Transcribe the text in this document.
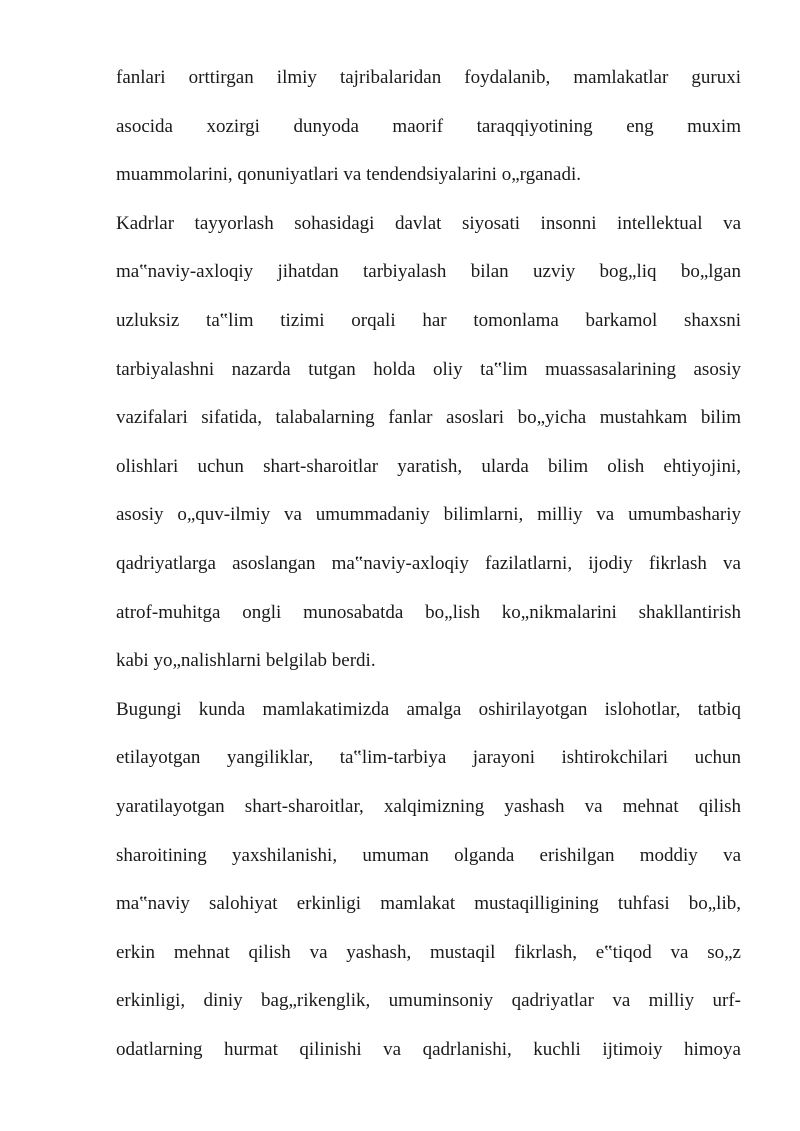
fanlari orttirgan ilmiy tajribalaridan foydalanib, mamlakatlar guruxi
asocida xozirgi dunyoda maorif taraqqiyotining eng muxim
muammolarini, qonuniyatlari va tendendsiyalarini o„rganadi.
Kadrlar tayyorlash sohasidagi davlat siyosati insonni intellektual va
ma‟naviy-axloqiy jihatdan tarbiyalash bilan uzviy bog„liq bo„lgan
uzluksiz ta‟lim tizimi orqali har tomonlama barkamol shaxsni
tarbiyalashni nazarda tutgan holda oliy ta‟lim muassasalarining asosiy
vazifalari sifatida, talabalarning fanlar asoslari bo„yicha mustahkam bilim
olishlari uchun shart-sharoitlar yaratish, ularda bilim olish ehtiyojini,
asosiy o„quv-ilmiy va umummadaniy bilimlarni, milliy va umumbashariy
qadriyatlarga asoslangan ma‟naviy-axloqiy fazilatlarni, ijodiy fikrlash va
atrof-muhitga ongli munosabatda bo„lish ko„nikmalarini shakllantirish
kabi yo„nalishlarni belgilab berdi.
Bugungi kunda mamlakatimizda amalga oshirilayotgan islohotlar, tatbiq
etilayotgan yangiliklar, ta‟lim-tarbiya jarayoni ishtirokchilari uchun
yaratilayotgan shart-sharoitlar, xalqimizning yashash va mehnat qilish
sharoitining yaxshilanishi, umuman olganda erishilgan moddiy va
ma‟naviy salohiyat erkinligi mamlakat mustaqilligining tuhfasi bo„lib,
erkin mehnat qilish va yashash, mustaqil fikrlash, e‟tiqod va so„z
erkinligi, diniy bag„rikenglik, umuminsoniy qadriyatlar va milliy urf-
odatlarning hurmat qilinishi va qadrlanishi, kuchli ijtimoiy himoya
